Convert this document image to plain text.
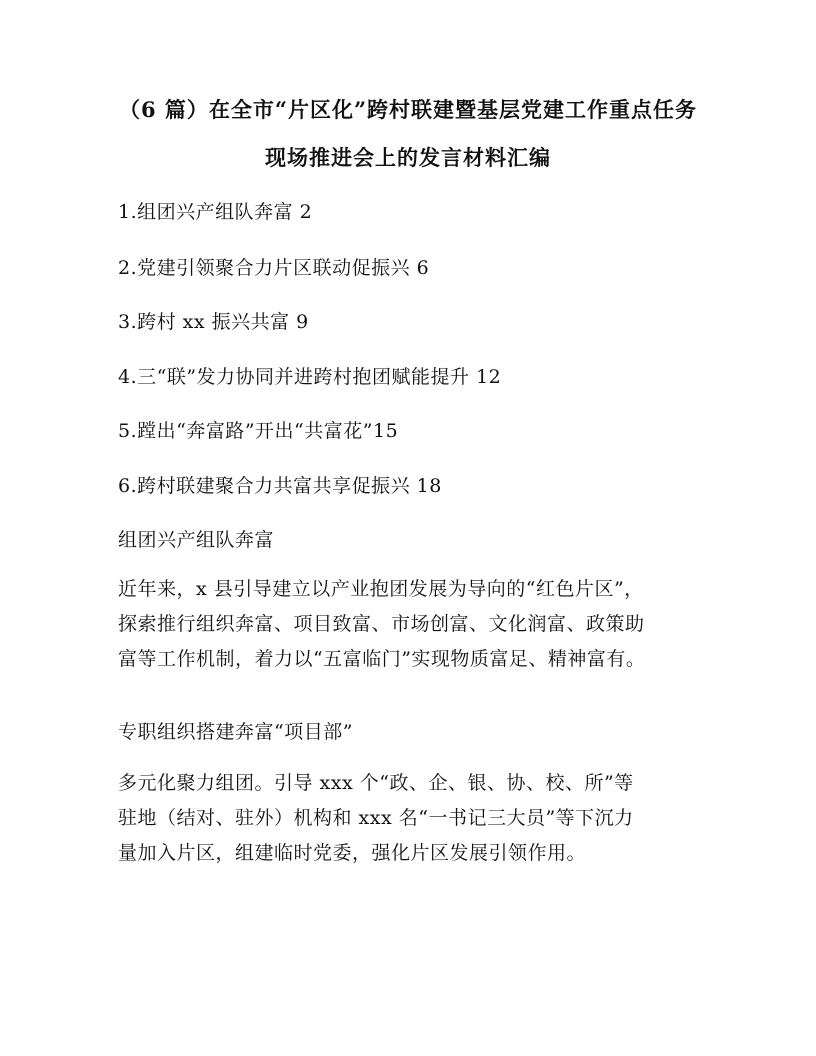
（6 篇）在全市“片区化”跨村联建暨基层党建工作重点任务
现场推进会上的发言材料汇编
1.组团兴产组队奔富 2
2.党建引领聚合力片区联动促振兴 6
3.跨村 xx 振兴共富 9
4.三“联”发力协同并进跨村抱团赋能提升 12
5.蹚出“奔富路”开出“共富花”15
6.跨村联建聚合力共富共享促振兴 18
组团兴产组队奔富
近年来，x 县引导建立以产业抱团发展为导向的“红色片区”，
探索推行组织奔富、项目致富、市场创富、文化润富、政策助
富等工作机制，着力以“五富临门”实现物质富足、精神富有。
专职组织搭建奔富“项目部”
多元化聚力组团。引导 xxx 个“政、企、银、协、校、所”等
驻地（结对、驻外）机构和 xxx 名“一书记三大员”等下沉力
量加入片区，组建临时党委，强化片区发展引领作用。
